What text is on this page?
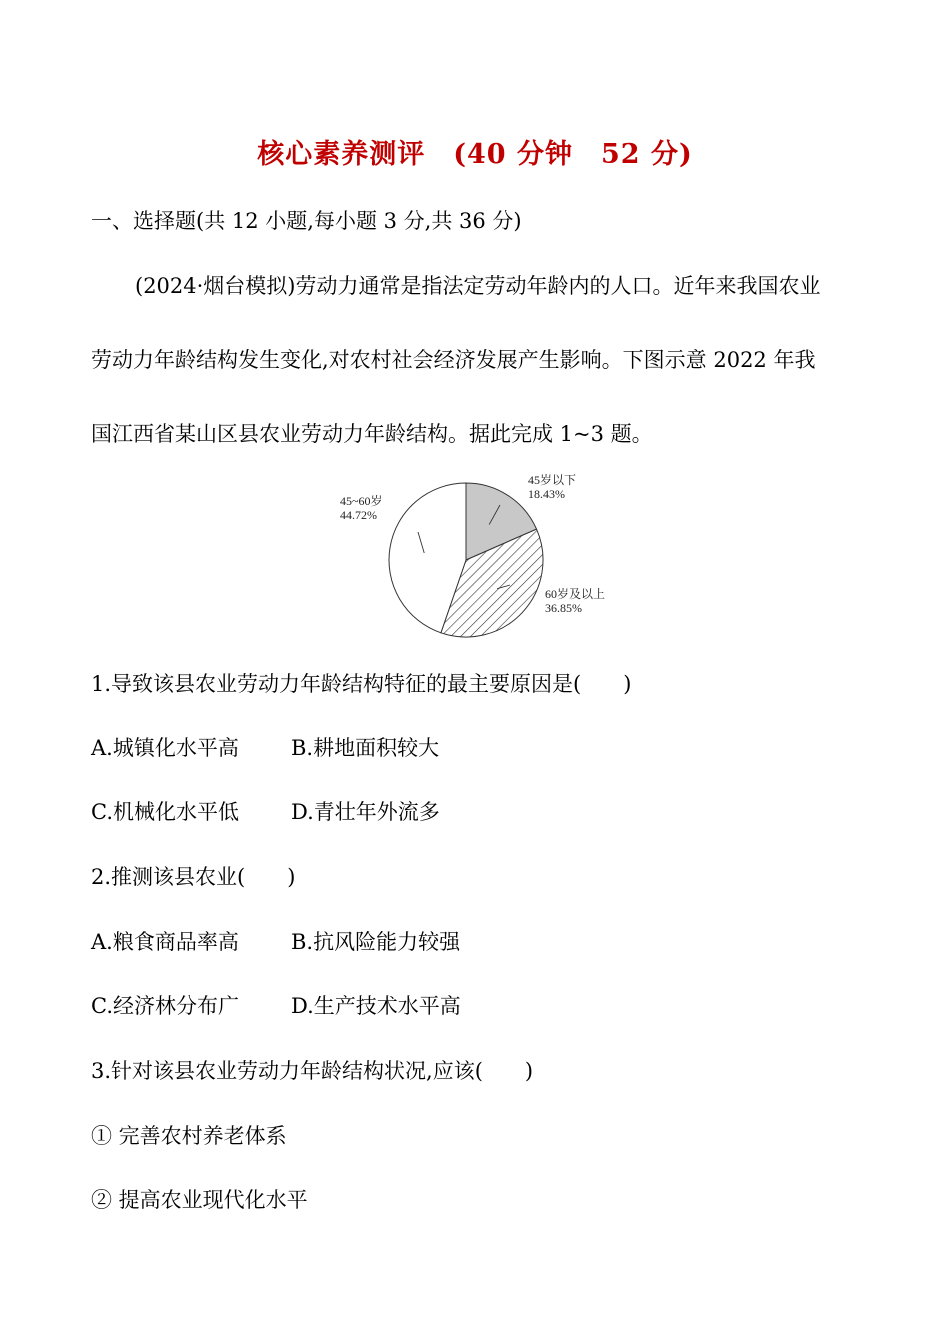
核心素养测评　(40 分钟　52 分)
一、选择题(共 12 小题,每小题 3 分,共 36 分)
(2024·烟台模拟)劳动力通常是指法定劳动年龄内的人口。近年来我国农业
劳动力年龄结构发生变化,对农村社会经济发展产生影响。下图示意 2022 年我
国江西省某山区县农业劳动力年龄结构。据此完成 1~3 题。
45岁以下
18.43%
60岁及以上
36.85%
45~60岁
44.72%
1.导致该县农业劳动力年龄结构特征的最主要原因是(　　)
A.城镇化水平高 B.耕地面积较大
C.机械化水平低 D.青壮年外流多
2.推测该县农业(　　)
A.粮食商品率高 B.抗风险能力较强
C.经济林分布广 D.生产技术水平高
3.针对该县农业劳动力年龄结构状况,应该(　　)
① 完善农村养老体系
② 提高农业现代化水平
